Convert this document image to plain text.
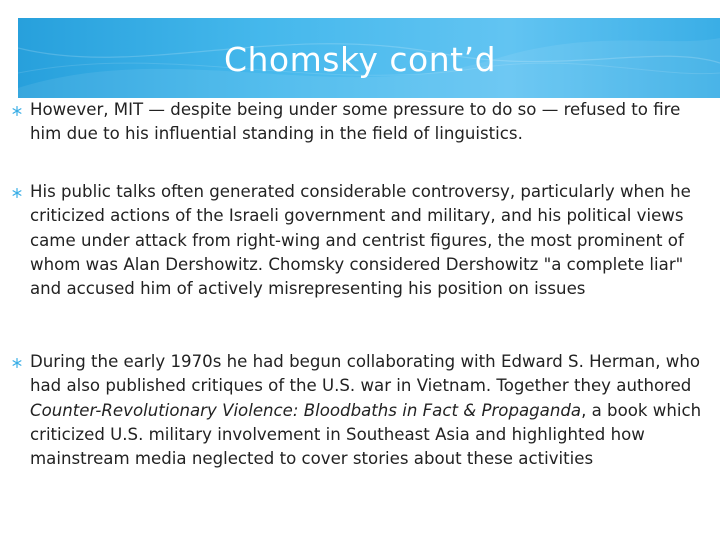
Chomsky cont’d
However, MIT — despite being under some pressure to do so — refused to fire him due to his influential standing in the field of linguistics.
His public talks often generated considerable controversy, particularly when he criticized actions of the Israeli government and military, and his political views came under attack from right-wing and centrist figures, the most prominent of whom was Alan Dershowitz. Chomsky considered Dershowitz "a complete liar" and accused him of actively misrepresenting his position on issues
During the early 1970s he had begun collaborating with Edward S. Herman, who had also published critiques of the U.S. war in Vietnam. Together they authored Counter-Revolutionary Violence: Bloodbaths in Fact & Propaganda, a book which criticized U.S. military involvement in Southeast Asia and highlighted how mainstream media neglected to cover stories about these activities
